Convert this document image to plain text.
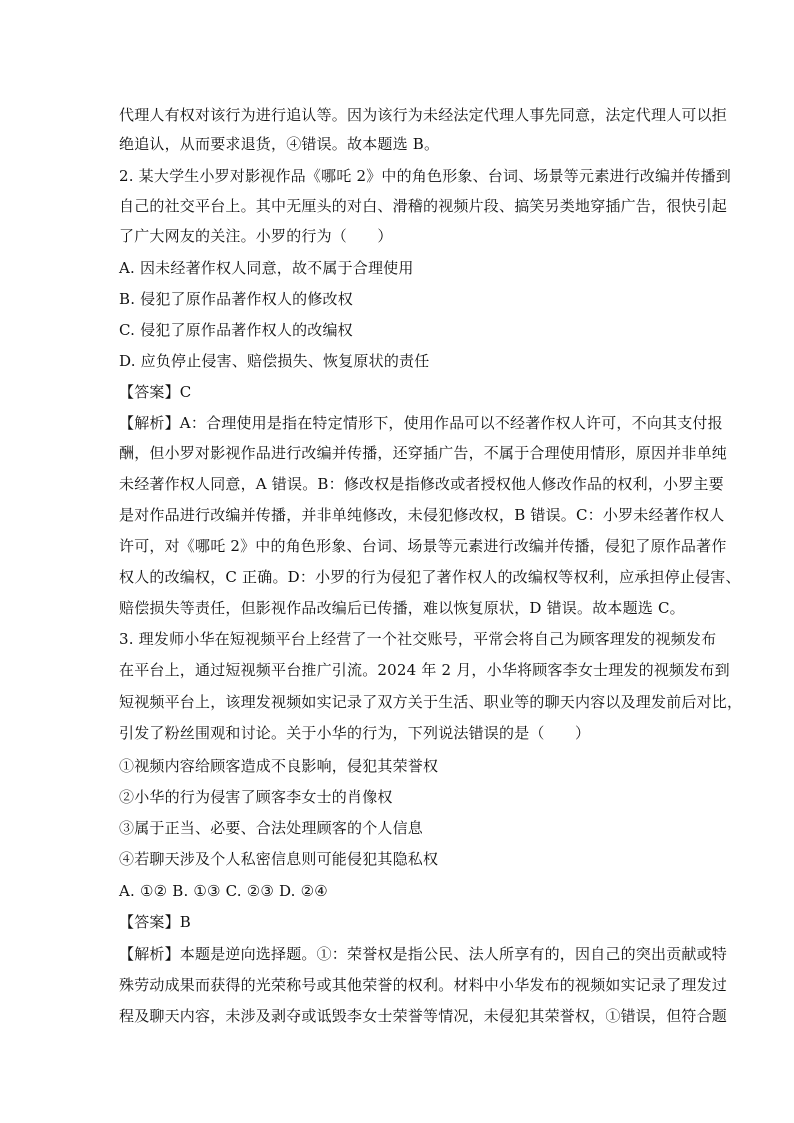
代理人有权对该行为进行追认等。因为该行为未经法定代理人事先同意，法定代理人可以拒
绝追认，从而要求退货，④错误。故本题选 B。
2. 某大学生小罗对影视作品《哪吒 2》中的角色形象、台词、场景等元素进行改编并传播到
自己的社交平台上。其中无厘头的对白、滑稽的视频片段、搞笑另类地穿插广告，很快引起
了广大网友的关注。小罗的行为（　　）
A. 因未经著作权人同意，故不属于合理使用
B. 侵犯了原作品著作权人的修改权
C. 侵犯了原作品著作权人的改编权
D. 应负停止侵害、赔偿损失、恢复原状的责任
【答案】C
【解析】A：合理使用是指在特定情形下，使用作品可以不经著作权人许可，不向其支付报
酬，但小罗对影视作品进行改编并传播，还穿插广告，不属于合理使用情形，原因并非单纯
未经著作权人同意，A 错误。B：修改权是指修改或者授权他人修改作品的权利，小罗主要
是对作品进行改编并传播，并非单纯修改，未侵犯修改权，B 错误。C：小罗未经著作权人
许可，对《哪吒 2》中的角色形象、台词、场景等元素进行改编并传播，侵犯了原作品著作
权人的改编权，C 正确。D：小罗的行为侵犯了著作权人的改编权等权利，应承担停止侵害、
赔偿损失等责任，但影视作品改编后已传播，难以恢复原状，D 错误。故本题选 C。
3. 理发师小华在短视频平台上经营了一个社交账号，平常会将自己为顾客理发的视频发布
在平台上，通过短视频平台推广引流。2024 年 2 月，小华将顾客李女士理发的视频发布到
短视频平台上，该理发视频如实记录了双方关于生活、职业等的聊天内容以及理发前后对比，
引发了粉丝围观和讨论。关于小华的行为，下列说法错误的是（　　）
①视频内容给顾客造成不良影响，侵犯其荣誉权
②小华的行为侵害了顾客李女士的肖像权
③属于正当、必要、合法处理顾客的个人信息
④若聊天涉及个人私密信息则可能侵犯其隐私权
A. ①② B. ①③ C. ②③ D. ②④
【答案】B
【解析】本题是逆向选择题。①：荣誉权是指公民、法人所享有的，因自己的突出贡献或特
殊劳动成果而获得的光荣称号或其他荣誉的权利。材料中小华发布的视频如实记录了理发过
程及聊天内容，未涉及剥夺或诋毁李女士荣誉等情况，未侵犯其荣誉权，①错误，但符合题
